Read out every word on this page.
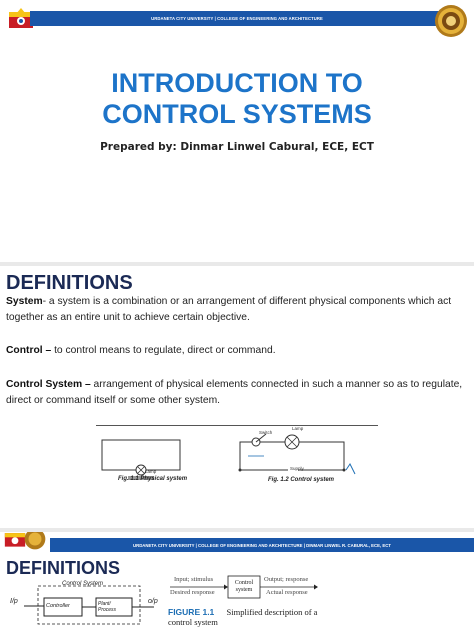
URDANETA CITY UNIVERSITY | COLLEGE OF ENGINEERING AND ARCHITECTURE
INTRODUCTION TO
CONTROL SYSTEMS
Prepared by: Dinmar Linwel Cabural, ECE, ECT
DEFINITIONS
System- a system is a combination or an arrangement of different physical components which act together as an entire unit to achieve certain objective.
Control – to control means to regulate, direct or command.
Control System – arrangement of physical elements connected in such a manner so as to regulate, direct or command itself or some other system.
Fig. 1.1 Physical system
Switch
Lamp
Supply
Lamp
Fig. 1.2 Control system
URDANETA CITY UNIVERSITY | COLLEGE OF ENGINEERING AND ARCHITECTURE | DINMAR LINWEL R. CABURAL, ECE, ECT
DEFINITIONS
I/p
Control System
Controller	Plant/ Process
o/p
Input; stimulus
Desired response
Control system
Output; response
Actual response
FIGURE 1.1 Simplified description of a control system
